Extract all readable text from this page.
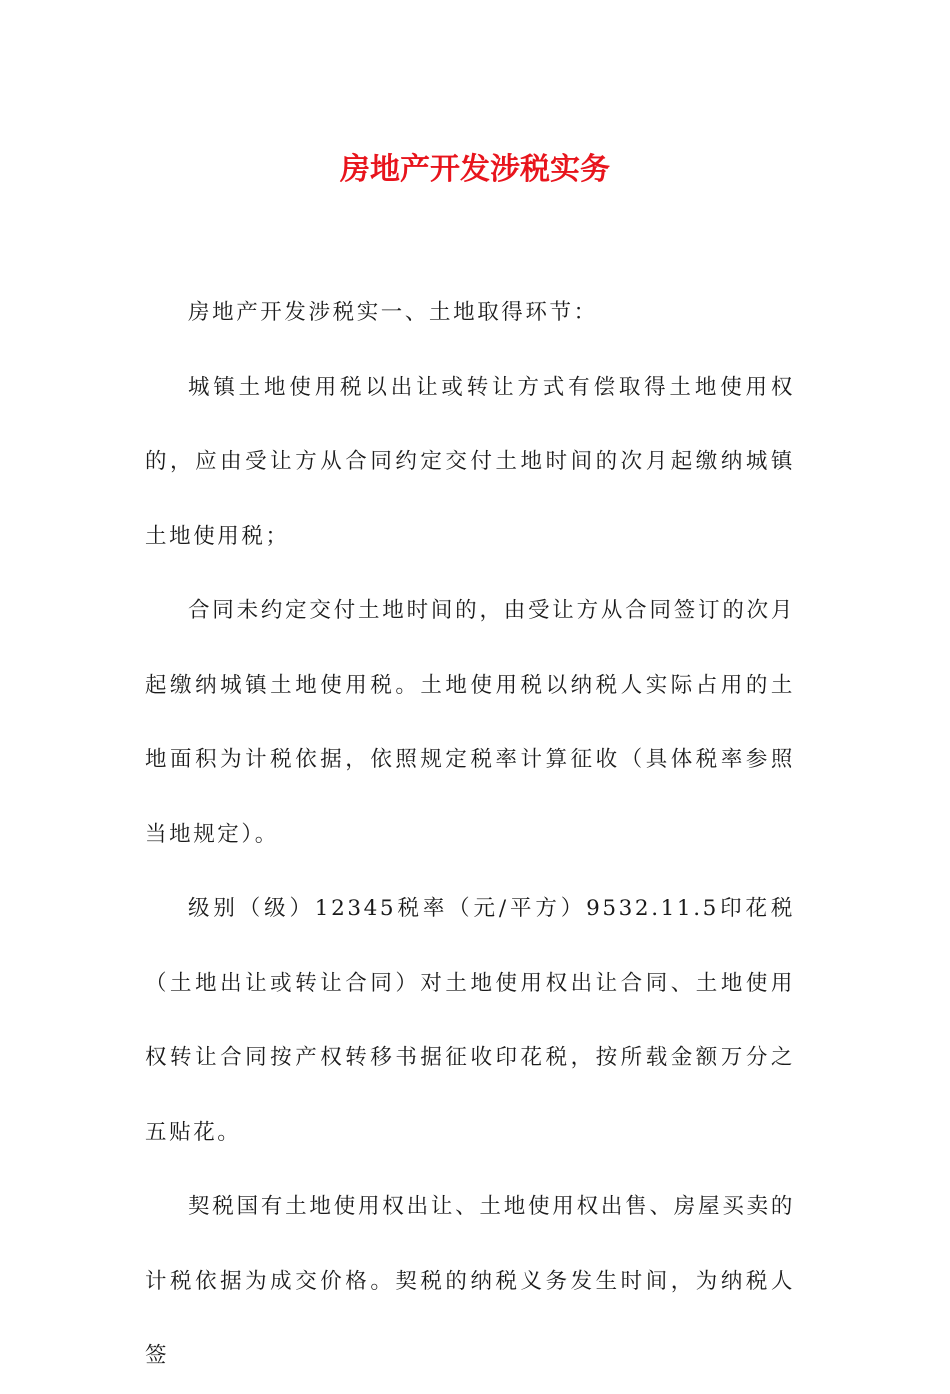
房地产开发涉税实务

房地产开发涉税实一、土地取得环节：

城镇土地使用税以出让或转让方式有偿取得土地使用权的，应由受让方从合同约定交付土地时间的次月起缴纳城镇土地使用税；

合同未约定交付土地时间的，由受让方从合同签订的次月起缴纳城镇土地使用税。土地使用税以纳税人实际占用的土地面积为计税依据，依照规定税率计算征收（具体税率参照当地规定）。

级别（级）12345税率（元/平方）9532.11.5印花税（土地出让或转让合同）对土地使用权出让合同、土地使用权转让合同按产权转移书据征收印花税，按所载金额万分之五贴花。

契税国有土地使用权出让、土地使用权出售、房屋买卖的计税依据为成交价格。契税的纳税义务发生时间，为纳税人签
